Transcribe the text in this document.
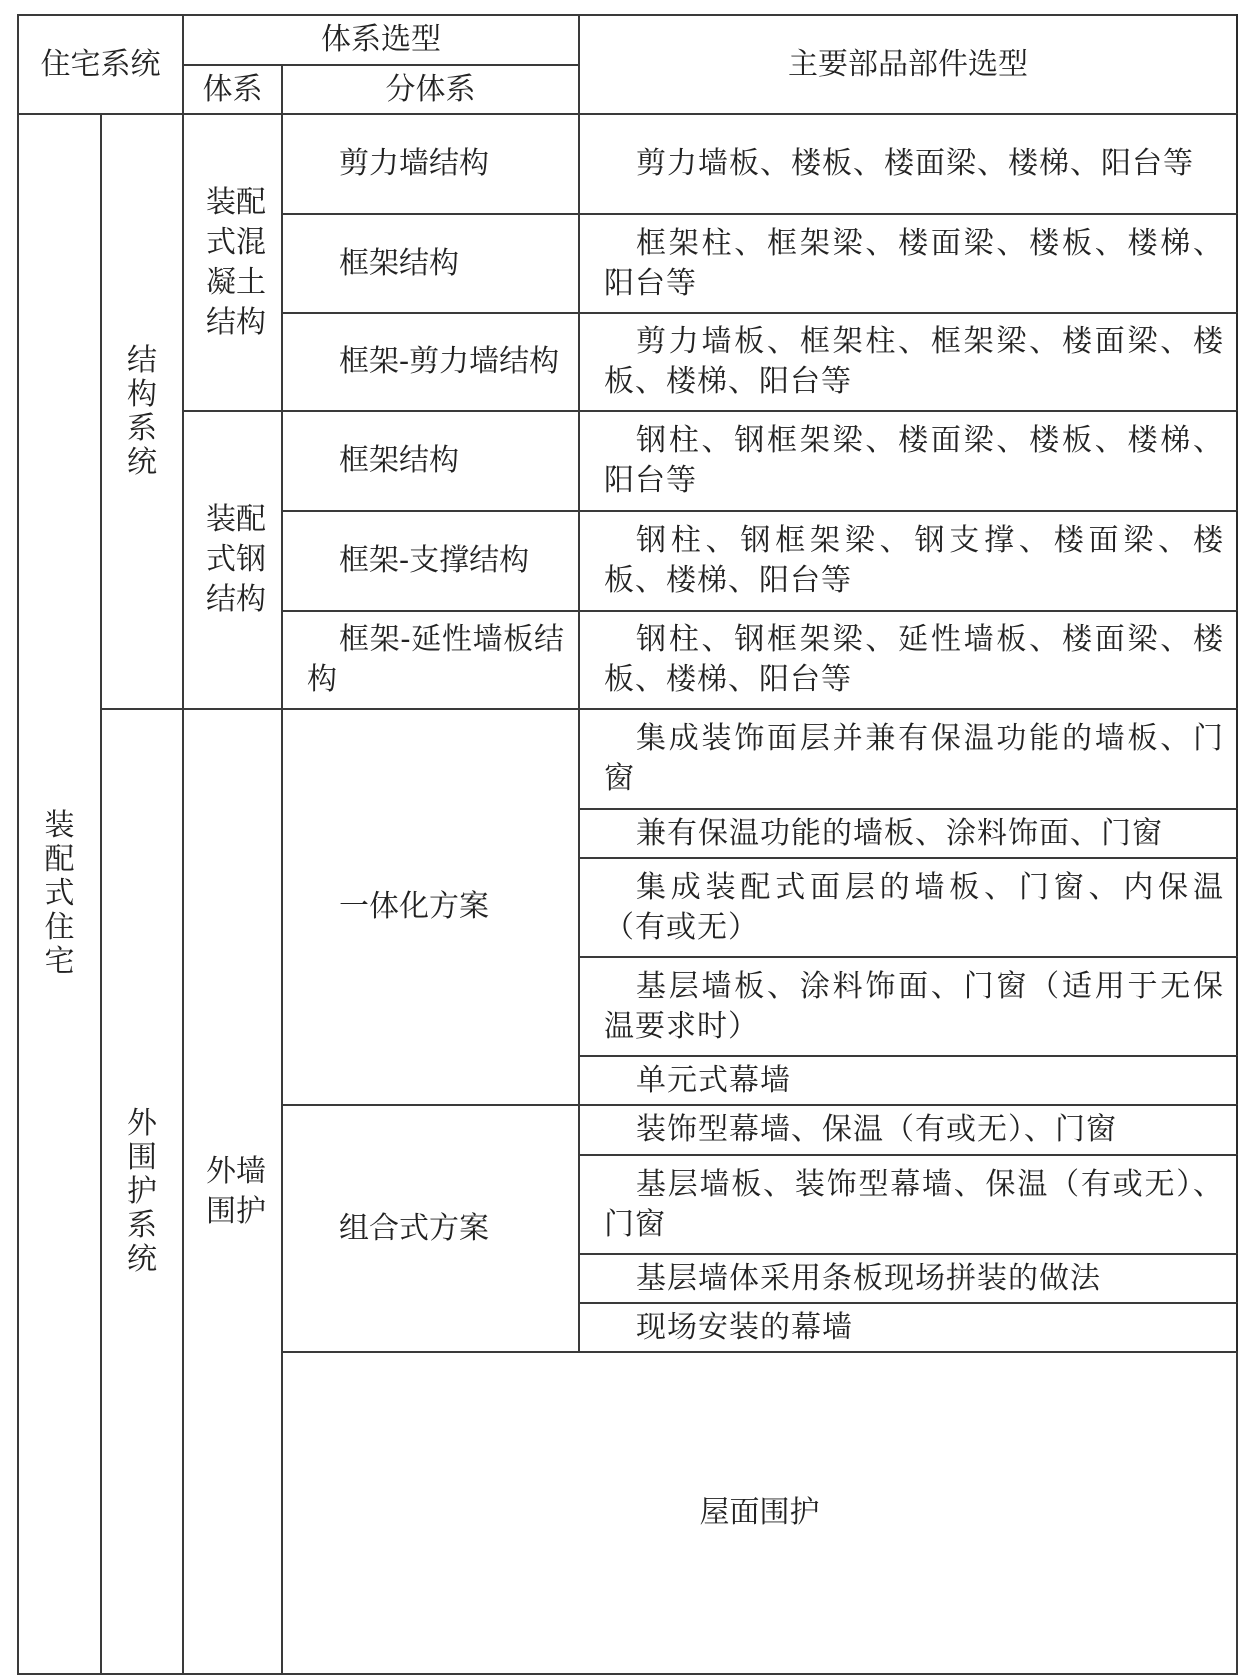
住宅系统		体系选型		主要部品部件选型	
		体系	分体系		
装配式住宅	结构系统	装配式混凝土结构	剪力墙结构	剪力墙板、楼板、楼面梁、楼梯、阳台等	
			框架结构	框架柱、框架梁、楼面梁、楼板、楼梯、阳台等	
			框架-剪力墙结构	剪力墙板、框架柱、框架梁、楼面梁、楼板、楼梯、阳台等	
		装配式钢结构	框架结构	钢柱、钢框架梁、楼面梁、楼板、楼梯、阳台等	
			框架-支撑结构	钢柱、钢框架梁、钢支撑、楼面梁、楼板、楼梯、阳台等	
			框架-延性墙板结构	钢柱、钢框架梁、延性墙板、楼面梁、楼板、楼梯、阳台等	
	外围护系统	外墙围护	一体化方案	集成装饰面层并兼有保温功能的墙板、门窗	
				兼有保温功能的墙板、涂料饰面、门窗	
				集成装配式面层的墙板、门窗、内保温（有或无）	
				基层墙板、涂料饰面、门窗（适用于无保温要求时）	
				单元式幕墙	
			组合式方案	装饰型幕墙、保温（有或无）、门窗	
				基层墙板、装饰型幕墙、保温（有或无）、门窗	
				基层墙体采用条板现场拼装的做法	
				现场安装的幕墙	
			屋面围护	
